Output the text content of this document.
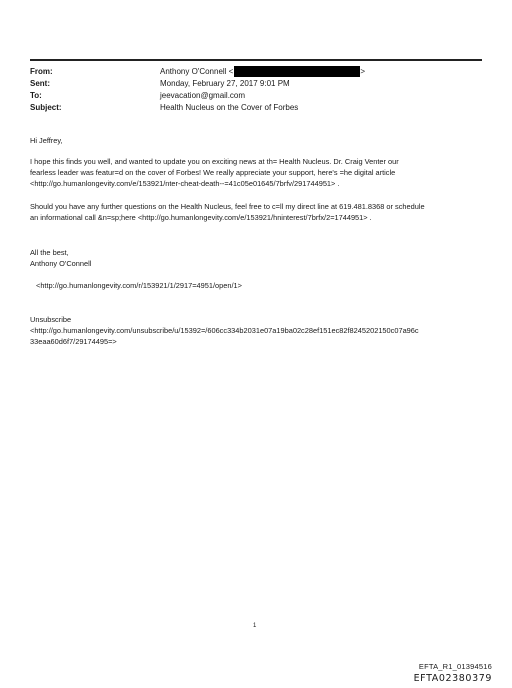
From:	Anthony O'Connell <	>
Sent:	Monday, February 27, 2017 9:01 PM
To:	jeevacation@gmail.com
Subject:	Health Nucleus on the Cover of Forbes
Hi Jeffrey,
I hope this finds you well, and wanted to update you on exciting news at th= Health Nucleus. Dr. Craig Venter our
fearless leader was featur=d on the cover of Forbes! We really appreciate your support, here's =he digital article
<http://go.humanlongevity.com/e/153921/nter-cheat-death--=41c05e01645/7brfv/291744951> .
Should you have any further questions on the Health Nucleus, feel free to c=ll my direct line at 619.481.8368 or schedule
an informational call &n=sp;here <http://go.humanlongevity.com/e/153921/hninterest/7brfx/2=1744951> .
All the best,
Anthony O'Connell
<http://go.humanlongevity.com/r/153921/1/2917=4951/open/1>
Unsubscribe
<http://go.humanlongevity.com/unsubscribe/u/15392=/606cc334b2031e07a19ba02c28ef151ec82f8245202150c07a96c
33eaa60d6f7/29174495=>
1
EFTA_R1_01394516
EFTA02380379
